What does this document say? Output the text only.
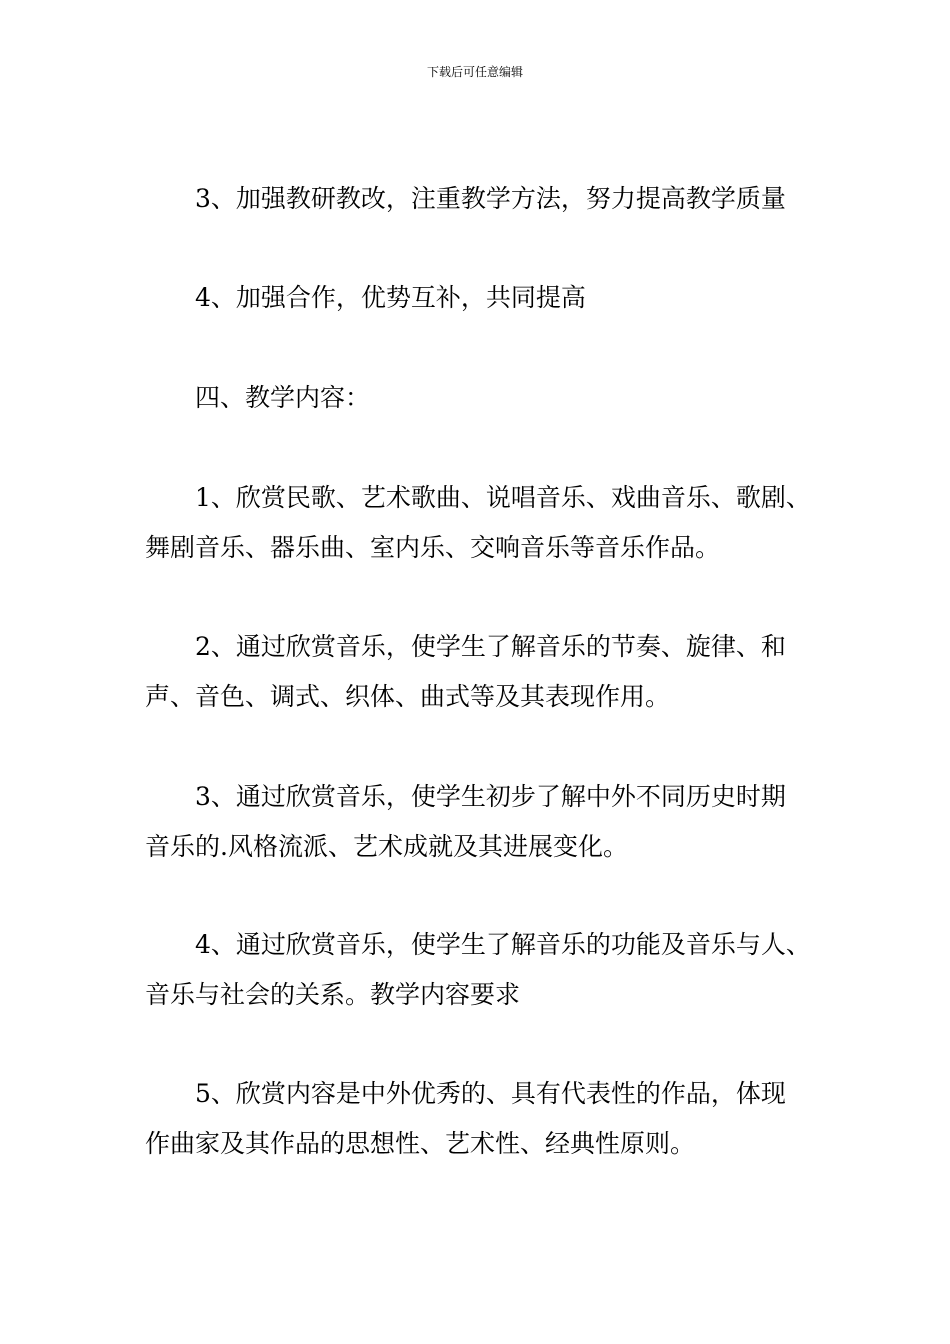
下载后可任意编辑
3、加强教研教改，注重教学方法，努力提高教学质量
4、加强合作，优势互补，共同提高
四、教学内容：
1、欣赏民歌、艺术歌曲、说唱音乐、戏曲音乐、歌剧、
舞剧音乐、器乐曲、室内乐、交响音乐等音乐作品。
2、通过欣赏音乐，使学生了解音乐的节奏、旋律、和
声、音色、调式、织体、曲式等及其表现作用。
3、通过欣赏音乐，使学生初步了解中外不同历史时期
音乐的.风格流派、艺术成就及其进展变化。
4、通过欣赏音乐，使学生了解音乐的功能及音乐与人、
音乐与社会的关系。教学内容要求
5、欣赏内容是中外优秀的、具有代表性的作品，体现
作曲家及其作品的思想性、艺术性、经典性原则。
